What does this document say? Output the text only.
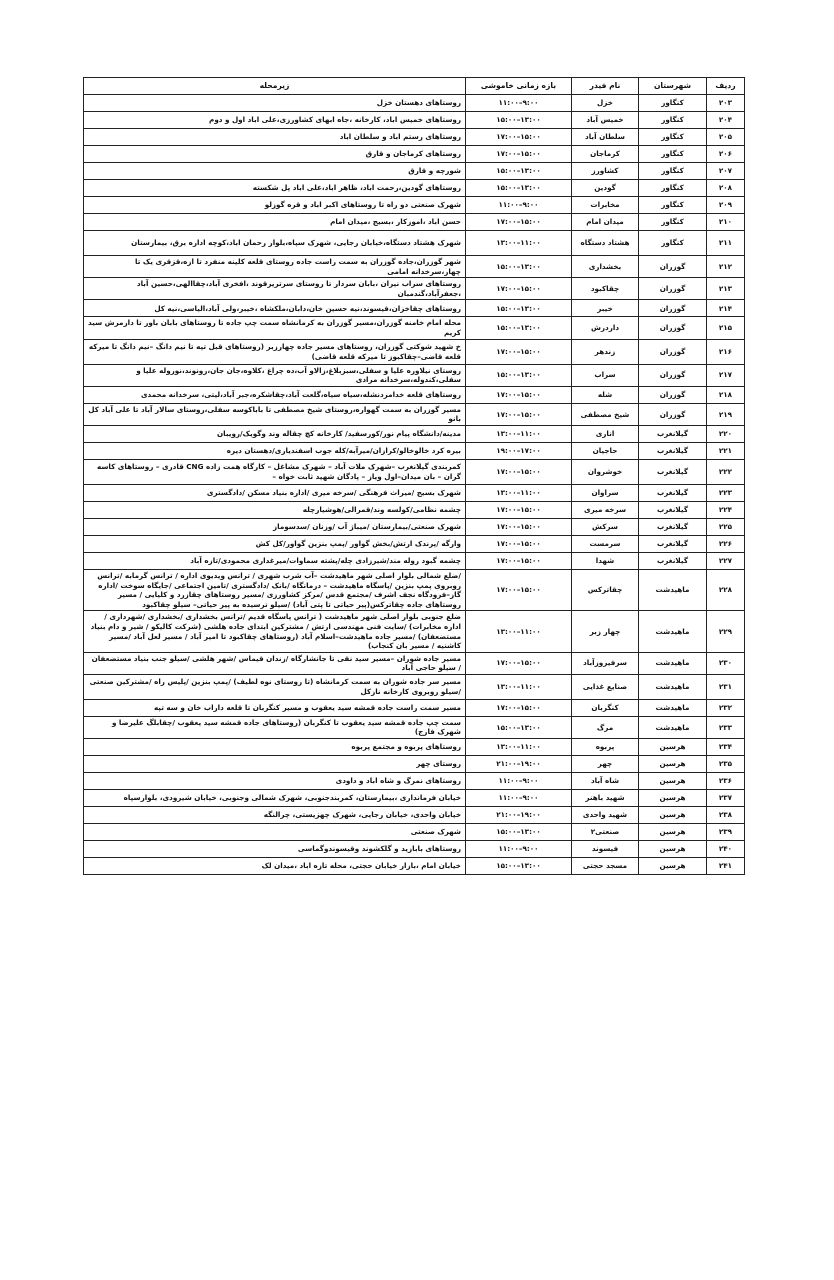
ردیف	شهرستان	نام فیدر	بازه زمانی خاموشی	زیرمحله
۲۰۳	کنگاور	خزل	۹:۰۰–۱۱:۰۰	روستاهای دهستان خزل
۲۰۴	کنگاور	خمیس آباد	۱۳:۰۰–۱۵:۰۰	روستاهای خمیس اباد، کارخانه ،جاه ابهای کشاورزی،علی اباد اول و دوم
۲۰۵	کنگاور	سلطان آباد	۱۵:۰۰–۱۷:۰۰	روستاهای رستم اباد و سلطان اباد
۲۰۶	کنگاور	کرماجان	۱۵:۰۰–۱۷:۰۰	روستاهای کرماجان و قارق
۲۰۷	کنگاور	کشاورز	۱۳:۰۰–۱۵:۰۰	شورچه و قارق
۲۰۸	کنگاور	گودین	۱۳:۰۰–۱۵:۰۰	روستاهای گودین،رحمت اباد، ظاهر اباد،علی اباد پل شکسته
۲۰۹	کنگاور	مخابرات	۹:۰۰–۱۱:۰۰	شهرک صنعتی دو راه تا روستاهای اکبر اباد و قره گوزلو
۲۱۰	کنگاور	میدان امام	۱۵:۰۰–۱۷:۰۰	حسن اباد ،اموزکار ،بسیج ،میدان امام
۲۱۱	کنگاور	هشتاد دستگاه	۱۱:۰۰–۱۳:۰۰	شهرک هشتاد دستگاه،خیابان رجایی، شهرک سپاه،بلوار رحمان اباد،کوچه اداره برق، بیمارستان
۲۱۲	گوزران	بخشداری	۱۳:۰۰–۱۵:۰۰	شهر گوزران،جاده گوزران به سمت راست جاده روستای قلعه کلینه منفرد تا ازه،قزقری یک تا چهار،سرخدانه امامی
۲۱۳	گوزران	چقاکبود	۱۵:۰۰–۱۷:۰۰	روستاهای سراب نیران ،بابان سردار تا روستای سرتریرقوند ،افخری آباد،چقاالهی،حسین آباد ،جعفرآباد،گندمبان
۲۱۴	گوزران	خیبر	۱۳:۰۰–۱۵:۰۰	روستاهای چقاخزان،قیسوند،نیه حسین خان،دابان،ملکشاه ،خیبر،ولی آباد،الیاسی،نیه کل
۲۱۵	گوزران	داردرش	۱۳:۰۰–۱۵:۰۰	محله امام خامنه گوزران،مسیر گوزران به کرمانشاه سمت چپ جاده تا روستاهای بابان باور تا دارمرش سید کریم
۲۱۶	گوزران	زندهر	۱۵:۰۰–۱۷:۰۰	خ شهید شوکتی گوزران، روستاهای مسیر جاده چهارزبر (روستاهای قبل تپه تا نیم دانگ –نیم دانگ تا میرکه قلعه قاضی–چقاکبوز تا میرکه قلعه قاضی)
۲۱۷	گوزران	سراب	۱۳:۰۰–۱۵:۰۰	روستای نیلاوره علیا و سفلی،سبزبلاغ،زالاو آب،ده چراغ ،کلاوه،جان جان،رونوند،نوروله علیا و سفلی،کندوله،سرخدانه مرادی
۲۱۸	گوزران	شله	۱۵:۰۰–۱۷:۰۰	روستاهای قلعه خدامردنشله،سیاه سیاه،گلعت آباد،چقاشکره،جبر آباد،لیتی، سرخدانه محمدی
۲۱۹	گوزران	شیخ مصطفی	۱۵:۰۰–۱۷:۰۰	مسیر گوزران به سمت گهواره،روستای شیخ مصطفی تا باباکوسه سفلی،روستای سالار آباد تا علی آباد کل بانو
۲۲۰	گیلانغرب	اناری	۱۱:۰۰–۱۳:۰۰	مدینه/دانشگاه پیام نور/کورسفید/ کارخانه کچ چقاله وند وگویک/رویبان
۲۲۱	گیلانغرب	حاجیان	۱۷:۰۰–۱۹:۰۰	بیره کرد خالوخالو/کرازان/میرآبه/کله جوب اسفندیاری/دهستان دیره
۲۲۲	گیلانغرب	خوشروان	۱۵:۰۰–۱۷:۰۰	کمربندی گیلانغرب –شهرک ملات آباد – شهرک مشاغل – کارگاه همت زاده CNG قادری – روستاهای کاسه گران – بان میدان–اول ویاز – پادگان شهید ثابت خواه –
۲۲۳	گیلانغرب	سراوان	۱۱:۰۰–۱۳:۰۰	شهرک بسیج /میراث فرهنگی /سرخه میری /اداره بنیاد مسکن /دادگستری
۲۲۴	گیلانغرب	سرخه میری	۱۵:۰۰–۱۷:۰۰	چشمه نظامی/کولسه وند/قمرالی/هوشیارچله
۲۲۵	گیلانغرب	سرکش	۱۵:۰۰–۱۷:۰۰	شهرک صنعتی/بیمارستان /میباژ آب /وزنان /سدسوماز
۲۲۶	گیلانغرب	سرمست	۱۵:۰۰–۱۷:۰۰	وارگه /پرندک ارتش/بخش گواور /پمپ بنزین گواور/کل کش
۲۲۷	گیلانغرب	شهدا	۱۵:۰۰–۱۷:۰۰	چشمه گبود روله مند/شیرزادی چله/پشته سماوات/میرغداری محمودی/تازه آباد
۲۲۸	ماهیدشت	چقاترکس	۱۵:۰۰–۱۷:۰۰	/ضلع شمالی بلوار اصلی شهر ماهیدشت –آب شرب شهری / ترانس ویدیوی اداره / ترانس گرمابه /ترانس روبروی پمپ بنزین /پاسگاه ماهیدشت – درمانگاه /بانک /دادگستری /تامین اجتماعی /جایگاه سوخت /اداره گاز–فرودگاه نجف اشرف /مجتمع قدس /مرکز کشاورزی /مسیر روستاهای چقازرد و کلیایی / مسیر روستاهای جاده چقاترکس(پیر حیاتی تا پتی آباد) /سیلو ترسیده به پیر حیاتی– سیلو چقاکبود
۲۲۹	ماهیدشت	چهار زبر	۱۱:۰۰–۱۳:۰۰	ضلع جنوبی بلوار اصلی شهر ماهیدشت ( ترانس پاسگاه قدیم /ترانس بخشداری /بخشداری /شهرداری /اداره مخابرات) /سایت فنی مهندسی ارتش / مشترکین ابتدای جاده هلشی (شرکت کالیکو / شیر و دام بنیاد مستضعفان) /مسیر جاده ماهیدشت–اسلام آباد (روستاهای چقاکبود تا امیر آباد / مسیر لعل آباد /مسیر کاشنیه / مسیر بان کنجاب)
۲۳۰	ماهیدشت	سرفیروزآباد	۱۵:۰۰–۱۷:۰۰	مسیر جاده شوران –مسیر سید نقی تا جانشارگاه /زندان قیماس /شهر هلشی /سیلو جنب بنیاد مستضعفان / سیلو حاجی آباد
۲۳۱	ماهیدشت	صنایع غذایی	۱۱:۰۰–۱۳:۰۰	مسیر سر جاده شوران به سمت کرمانشاه (تا روستای نوه لطیف) /پمپ بنزین /پلیس راه /مشترکین صنعتی /سیلو روبروی کارخانه نازکل
۲۳۲	ماهیدشت	کنگربان	۱۵:۰۰–۱۷:۰۰	مسیر سمت راست جاده قمشه سید یعقوب و مسیر کنگربان تا قلعه داراب خان و سه تپه
۲۳۳	ماهیدشت	مرگ	۱۳:۰۰–۱۵:۰۰	سمت چپ جاده قمشه سید یعقوب تا کنگربان (روستاهای جاده قمشه سید یعقوب /چقابلگ علیرضا و شهرک فارج)
۲۳۴	هرسین	پربوه	۱۱:۰۰–۱۳:۰۰	روستاهای پربوه و مجتمع پربوه
۲۳۵	هرسین	چهر	۱۹:۰۰–۲۱:۰۰	روستای چهر
۲۳۶	هرسین	شاه آباد	۹:۰۰–۱۱:۰۰	روستاهای نمرگ و شاه اباد و داودی
۲۳۷	هرسین	شهید باهنر	۹:۰۰–۱۱:۰۰	خیابان فرمانداری ،بیمارستان، کمربندجنوبی، شهرک شمالی وجنوبی، خیابان شیرودی، بلوارسپاه
۲۳۸	هرسین	شهید واحدی	۱۹:۰۰–۲۱:۰۰	خیابان واحدی، خیابان رجایی، شهرک چهزیستی، چرالنگه
۲۳۹	هرسین	صنعتی۲	۱۳:۰۰–۱۵:۰۰	شهرک صنعتی
۲۴۰	هرسین	فیسوند	۹:۰۰–۱۱:۰۰	روستاهای بابازید و گلکشوند وقیسوندوگماسی
۲۴۱	هرسین	مسجد حجتی	۱۳:۰۰–۱۵:۰۰	خیابان امام ،بازار خیابان حجتی، محله تازه اباد ،میدان لک
